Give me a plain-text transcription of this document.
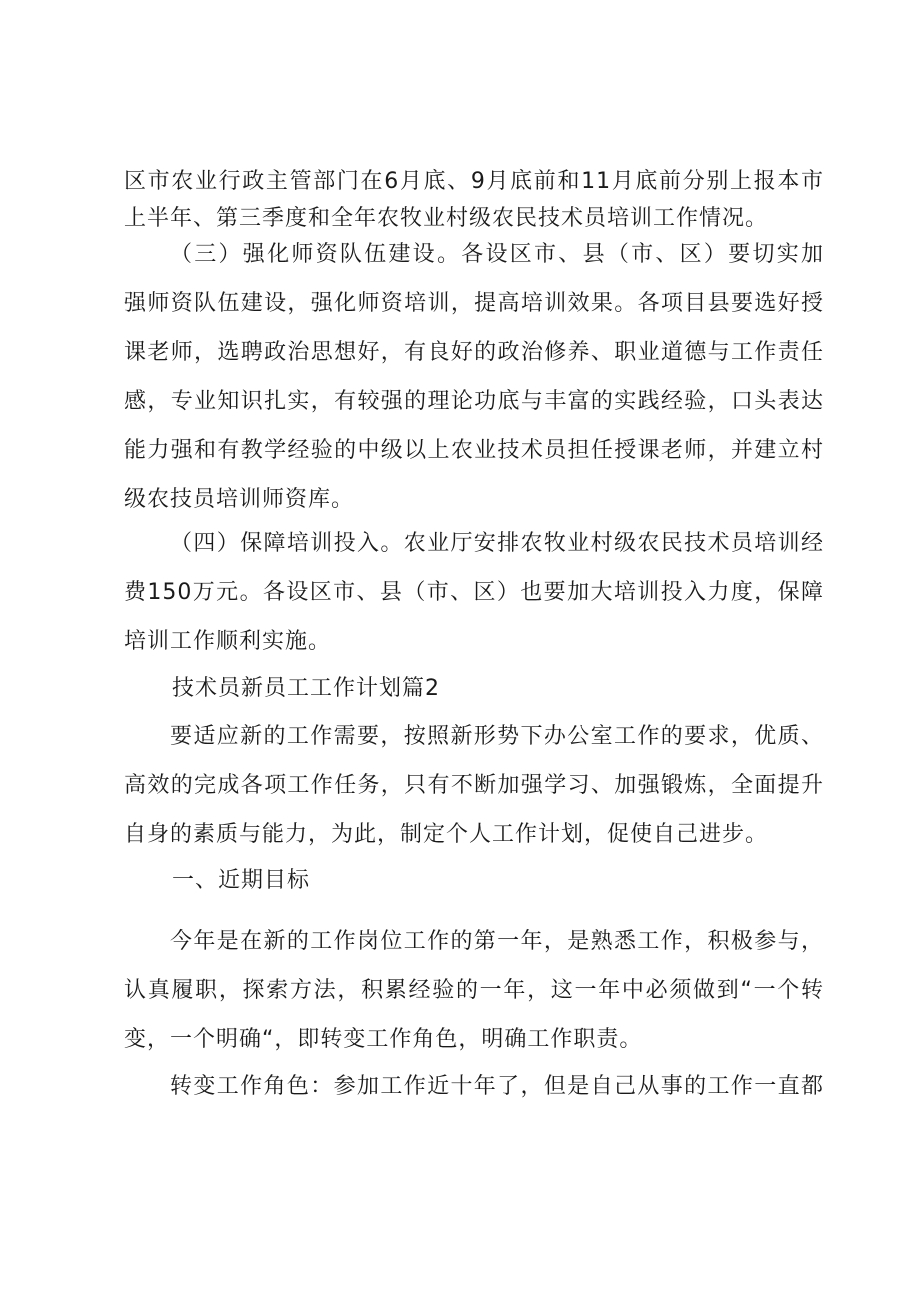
区市农业行政主管部门在6月底、9月底前和11月底前分别上报本市
上半年、第三季度和全年农牧业村级农民技术员培训工作情况。
（三）强化师资队伍建设。各设区市、县（市、区）要切实加
强师资队伍建设，强化师资培训，提高培训效果。各项目县要选好授
课老师，选聘政治思想好，有良好的政治修养、职业道德与工作责任
感，专业知识扎实，有较强的理论功底与丰富的实践经验，口头表达
能力强和有教学经验的中级以上农业技术员担任授课老师，并建立村
级农技员培训师资库。
（四）保障培训投入。农业厅安排农牧业村级农民技术员培训经
费150万元。各设区市、县（市、区）也要加大培训投入力度，保障
培训工作顺利实施。
技术员新员工工作计划篇2
要适应新的工作需要，按照新形势下办公室工作的要求，优质、
高效的完成各项工作任务，只有不断加强学习、加强锻炼，全面提升
自身的素质与能力，为此，制定个人工作计划，促使自己进步。
一、近期目标
今年是在新的工作岗位工作的第一年，是熟悉工作，积极参与，
认真履职，探索方法，积累经验的一年，这一年中必须做到“一个转
变，一个明确“，即转变工作角色，明确工作职责。
转变工作角色：参加工作近十年了，但是自己从事的工作一直都
